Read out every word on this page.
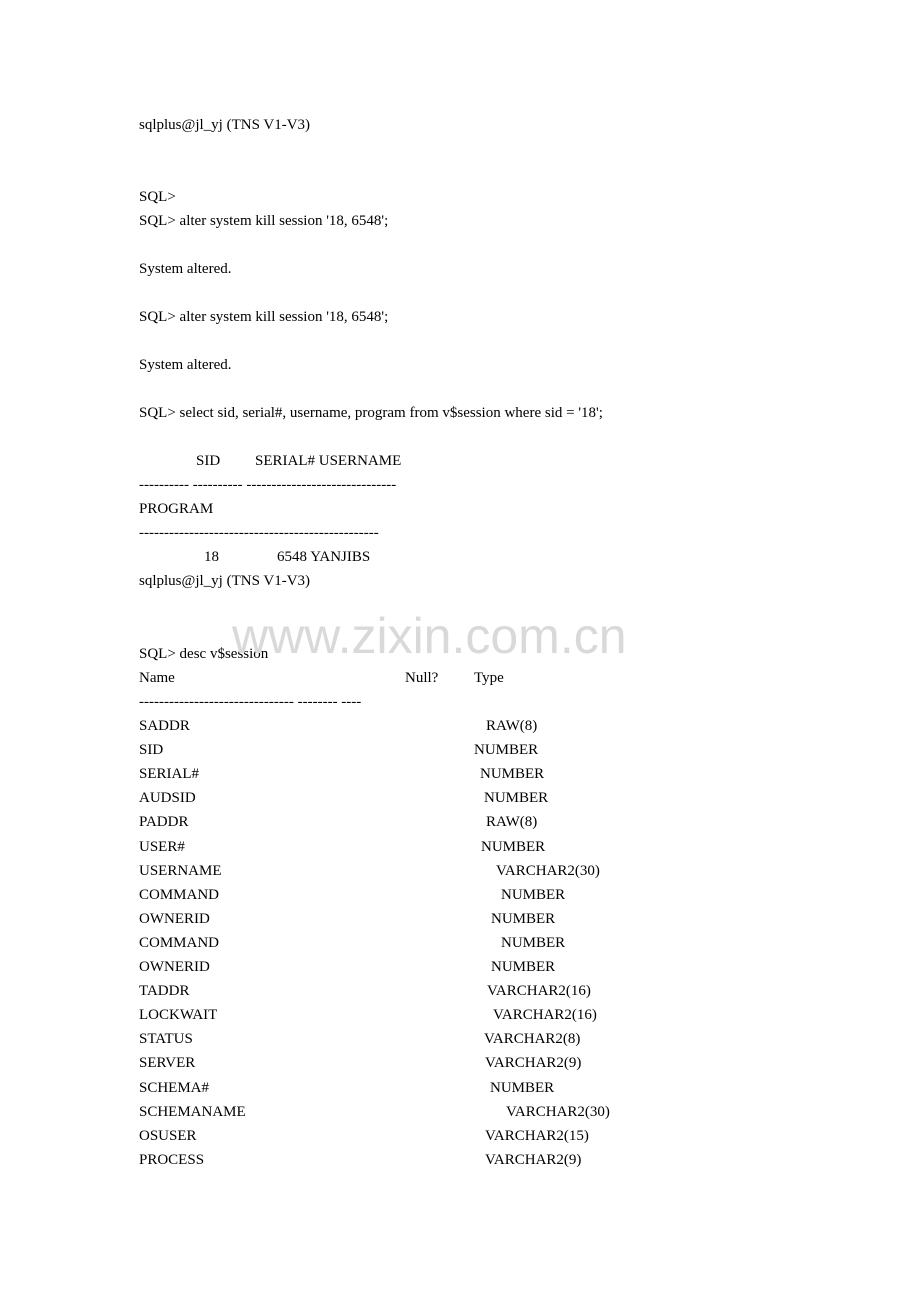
sqlplus@jl_yj (TNS V1-V3)
SQL>
SQL> alter system kill session '18, 6548';
System altered.
SQL> alter system kill session '18, 6548';
System altered.
SQL> select sid, serial#, username, program from v$session where sid = '18';
SID SERIAL# USERNAME
---------- ---------- ------------------------------
PROGRAM
------------------------------------------------
18	6548 YANJIBS
sqlplus@jl_yj (TNS V1-V3)
SQL> desc v$session
Name	Null? Type
------------------------------- -------- ----
SADDR	RAW(8)
SID	NUMBER
SERIAL#	NUMBER
AUDSID	NUMBER
PADDR	RAW(8)
USER#	NUMBER
USERNAME	VARCHAR2(30)
COMMAND	NUMBER
OWNERID	NUMBER
COMMAND	NUMBER
OWNERID	NUMBER
TADDR	VARCHAR2(16)
LOCKWAIT	VARCHAR2(16)
STATUS	VARCHAR2(8)
SERVER	VARCHAR2(9)
SCHEMA#	NUMBER
SCHEMANAME	VARCHAR2(30)
OSUSER	VARCHAR2(15)
PROCESS	VARCHAR2(9)
www.zixin.com.cn
